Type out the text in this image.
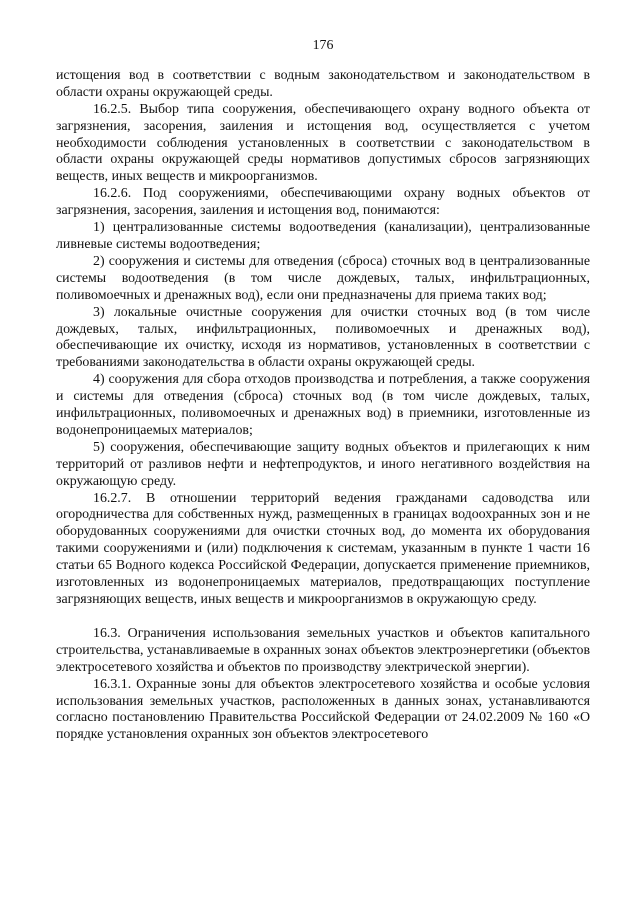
176

истощения вод в соответствии с водным законодательством и законодательством в области охраны окружающей среды.

16.2.5. Выбор типа сооружения, обеспечивающего охрану водного объекта от загрязнения, засорения, заиления и истощения вод, осуществляется с учетом необходимости соблюдения установленных в соответствии с законодательством в области охраны окружающей среды нормативов допустимых сбросов загрязняющих веществ, иных веществ и микроорганизмов.

16.2.6. Под сооружениями, обеспечивающими охрану водных объектов от загрязнения, засорения, заиления и истощения вод, понимаются:

1) централизованные системы водоотведения (канализации), централизованные ливневые системы водоотведения;

2) сооружения и системы для отведения (сброса) сточных вод в централизованные системы водоотведения (в том числе дождевых, талых, инфильтрационных, поливомоечных и дренажных вод), если они предназначены для приема таких вод;

3) локальные очистные сооружения для очистки сточных вод (в том числе дождевых, талых, инфильтрационных, поливомоечных и дренажных вод), обеспечивающие их очистку, исходя из нормативов, установленных в соответствии с требованиями законодательства в области охраны окружающей среды.

4) сооружения для сбора отходов производства и потребления, а также сооружения и системы для отведения (сброса) сточных вод (в том числе дождевых, талых, инфильтрационных, поливомоечных и дренажных вод) в приемники, изготовленные из водонепроницаемых материалов;

5) сооружения, обеспечивающие защиту водных объектов и прилегающих к ним территорий от разливов нефти и нефтепродуктов, и иного негативного воздействия на окружающую среду.

16.2.7. В отношении территорий ведения гражданами садоводства или огородничества для собственных нужд, размещенных в границах водоохранных зон и не оборудованных сооружениями для очистки сточных вод, до момента их оборудования такими сооружениями и (или) подключения к системам, указанным в пункте 1 части 16 статьи 65 Водного кодекса Российской Федерации, допускается применение приемников, изготовленных из водонепроницаемых материалов, предотвращающих поступление загрязняющих веществ, иных веществ и микроорганизмов в окружающую среду.

16.3. Ограничения использования земельных участков и объектов капитального строительства, устанавливаемые в охранных зонах объектов электроэнергетики (объектов электросетевого хозяйства и объектов по производству электрической энергии).

16.3.1. Охранные зоны для объектов электросетевого хозяйства и особые условия использования земельных участков, расположенных в данных зонах, устанавливаются согласно постановлению Правительства Российской Федерации от 24.02.2009 № 160 «О порядке установления охранных зон объектов электросетевого
